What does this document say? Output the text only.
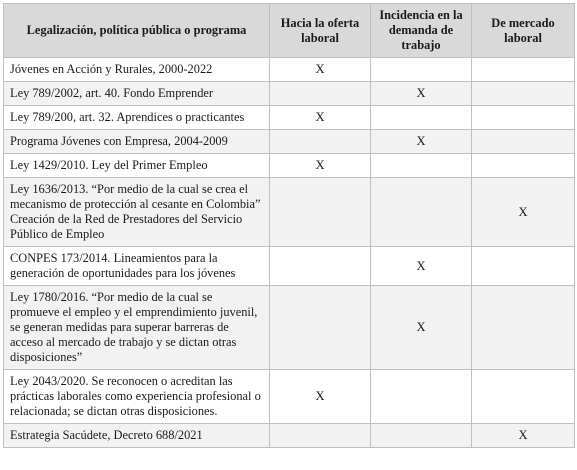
Legalización, política pública o programa	Hacia la oferta laboral	Incidencia en la demanda de trabajo	De mercado laboral
Jóvenes en Acción y Rurales, 2000-2022	X		
Ley 789/2002, art. 40. Fondo Emprender		X	
Ley 789/200, art. 32. Aprendices o practicantes	X		
Programa Jóvenes con Empresa, 2004-2009		X	
Ley 1429/2010. Ley del Primer Empleo	X		
Ley 1636/2013. “Por medio de la cual se crea el mecanismo de protección al cesante en Colombia” Creación de la Red de Prestadores del Servicio Público de Empleo			X
CONPES 173/2014. Lineamientos para la generación de oportunidades para los jóvenes		X	
Ley 1780/2016. “Por medio de la cual se promueve el empleo y el emprendimiento juvenil, se generan medidas para superar barreras de acceso al mercado de trabajo y se dictan otras disposiciones”		X	
Ley 2043/2020. Se reconocen o acreditan las prácticas laborales como experiencia profesional o relacionada; se dictan otras disposiciones.	X		
Estrategia Sacúdete, Decreto 688/2021			X
